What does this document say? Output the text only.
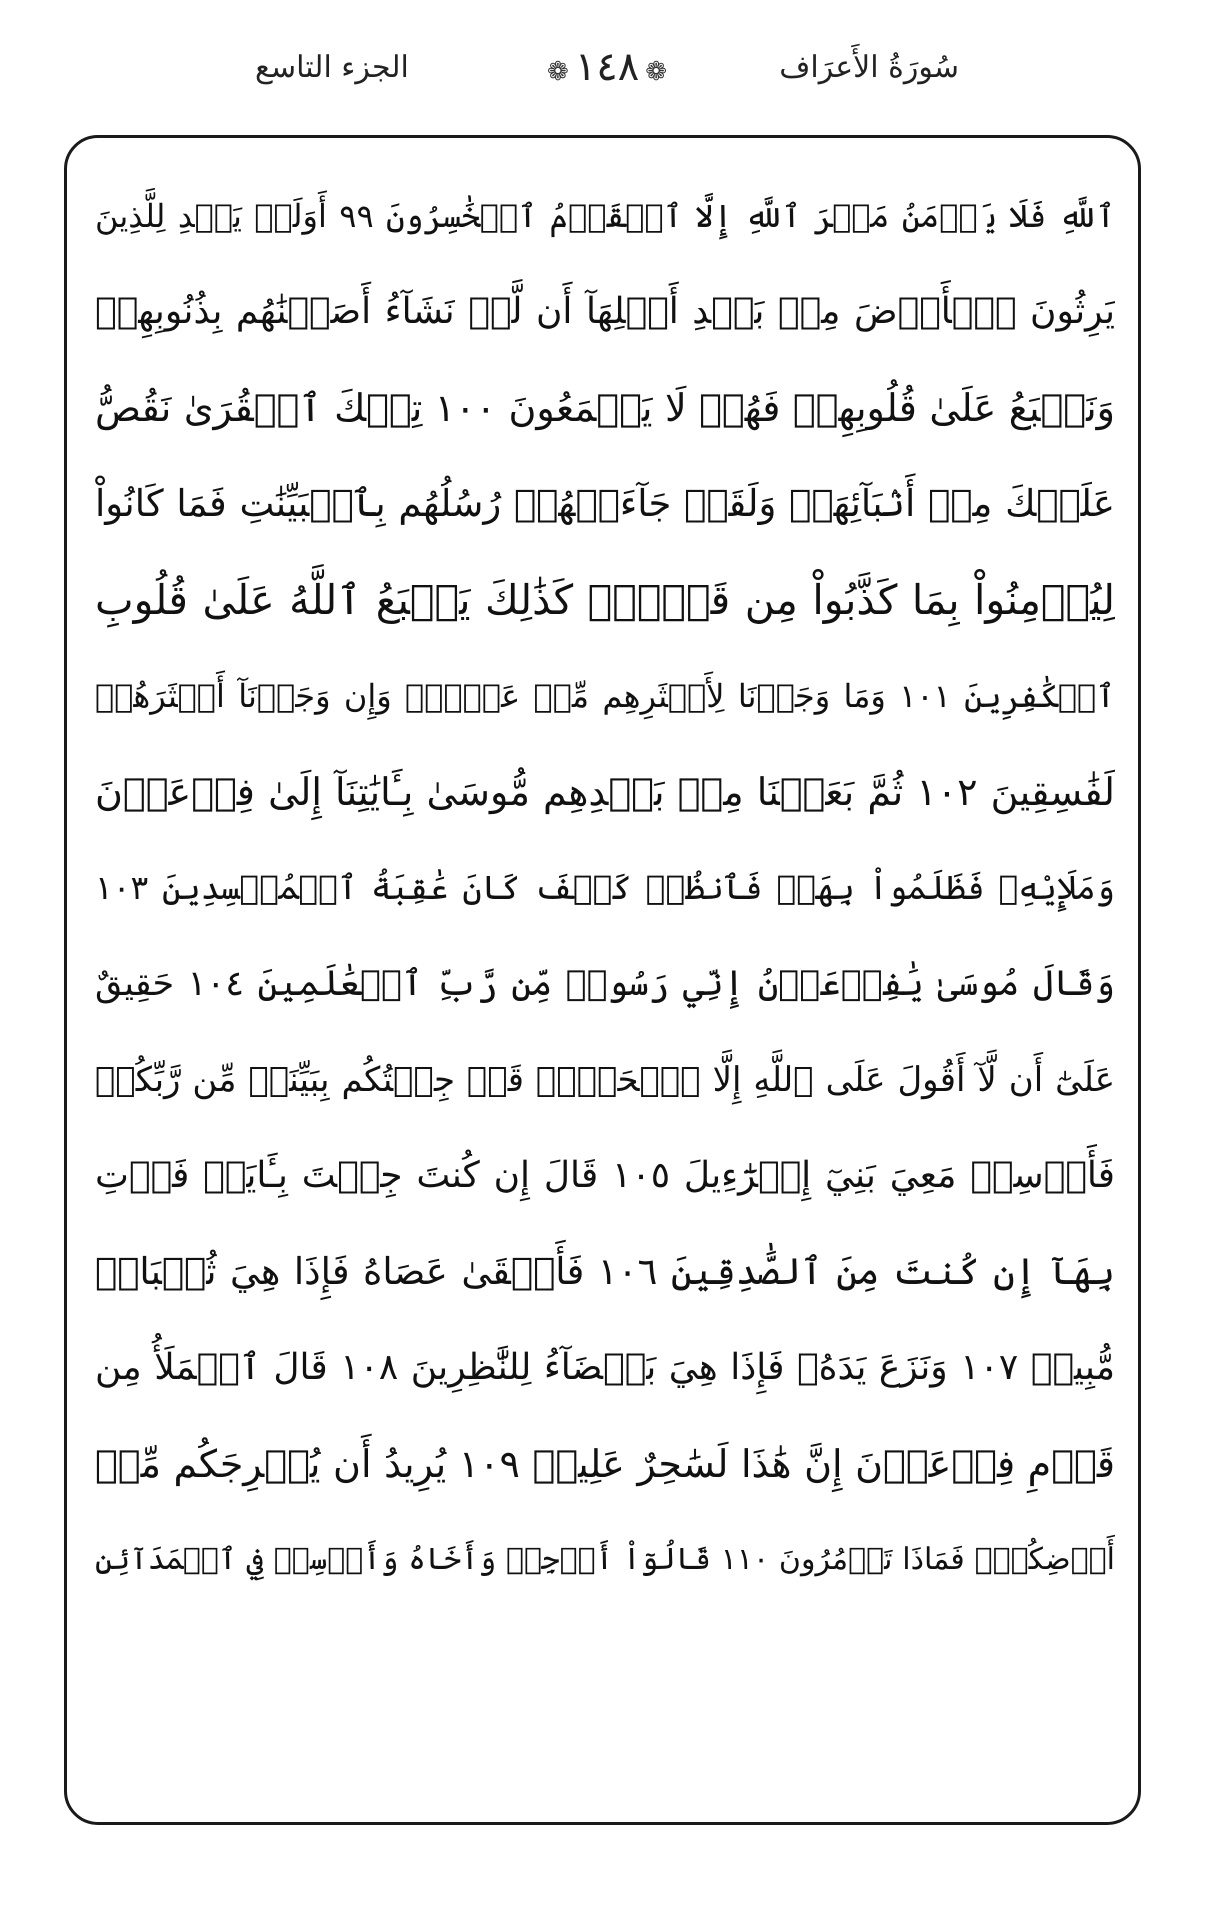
سُورَةُ الأَعرَاف
❁ ١٤٨ ❁
الجزء التاسع
ٱللَّهِ فَلَا يَأۡمَنُ مَكۡرَ ٱللَّهِ إِلَّا ٱلۡقَوۡمُ ٱلۡخَٰسِرُونَ ٩٩ أَوَلَمۡ يَهۡدِ لِلَّذِينَ
يَرِثُونَ ٱلۡأَرۡضَ مِنۢ بَعۡدِ أَهۡلِهَآ أَن لَّوۡ نَشَآءُ أَصَبۡنَٰهُم بِذُنُوبِهِمۡ
وَنَطۡبَعُ عَلَىٰ قُلُوبِهِمۡ فَهُمۡ لَا يَسۡمَعُونَ ١٠٠ تِلۡكَ ٱلۡقُرَىٰ نَقُصُّ
عَلَيۡكَ مِنۡ أَنۢبَآئِهَاۚ وَلَقَدۡ جَآءَتۡهُمۡ رُسُلُهُم بِٱلۡبَيِّنَٰتِ فَمَا كَانُواْ
لِيُؤۡمِنُواْ بِمَا كَذَّبُواْ مِن قَبۡلُۚ كَذَٰلِكَ يَطۡبَعُ ٱللَّهُ عَلَىٰ قُلُوبِ
ٱلۡكَٰفِرِينَ ١٠١ وَمَا وَجَدۡنَا لِأَكۡثَرِهِم مِّنۡ عَهۡدٖۖ وَإِن وَجَدۡنَآ أَكۡثَرَهُمۡ
لَفَٰسِقِينَ ١٠٢ ثُمَّ بَعَثۡنَا مِنۢ بَعۡدِهِم مُّوسَىٰ بِـَٔايَٰتِنَآ إِلَىٰ فِرۡعَوۡنَ
وَمَلَإِيْهِۦ فَظَلَمُواْ بِهَاۖ فَٱنظُرۡ كَيۡفَ كَانَ عَٰقِبَةُ ٱلۡمُفۡسِدِينَ ١٠٣
وَقَالَ مُوسَىٰ يَٰفِرۡعَوۡنُ إِنِّي رَسُولٞ مِّن رَّبِّ ٱلۡعَٰلَمِينَ ١٠٤ حَقِيقٌ
عَلَىٰٓ أَن لَّآ أَقُولَ عَلَى ٱللَّهِ إِلَّا ٱلۡحَقَّۚ قَدۡ جِئۡتُكُم بِبَيِّنَةٖ مِّن رَّبِّكُمۡ
فَأَرۡسِلۡ مَعِيَ بَنِيٓ إِسۡرَٰٓءِيلَ ١٠٥ قَالَ إِن كُنتَ جِئۡتَ بِـَٔايَةٖ فَأۡتِ
بِهَآ إِن كُنتَ مِنَ ٱلصَّٰدِقِينَ ١٠٦ فَأَلۡقَىٰ عَصَاهُ فَإِذَا هِيَ ثُعۡبَانٞ
مُّبِينٞ ١٠٧ وَنَزَعَ يَدَهُۥ فَإِذَا هِيَ بَيۡضَآءُ لِلنَّٰظِرِينَ ١٠٨ قَالَ ٱلۡمَلَأُ مِن
قَوۡمِ فِرۡعَوۡنَ إِنَّ هَٰذَا لَسَٰحِرٌ عَلِيمٞ ١٠٩ يُرِيدُ أَن يُخۡرِجَكُم مِّنۡ
أَرۡضِكُمۡۖ فَمَاذَا تَأۡمُرُونَ ١١٠ قَالُوٓاْ أَرۡجِهۡ وَأَخَاهُ وَأَرۡسِلۡ فِي ٱلۡمَدَآئِنِ
